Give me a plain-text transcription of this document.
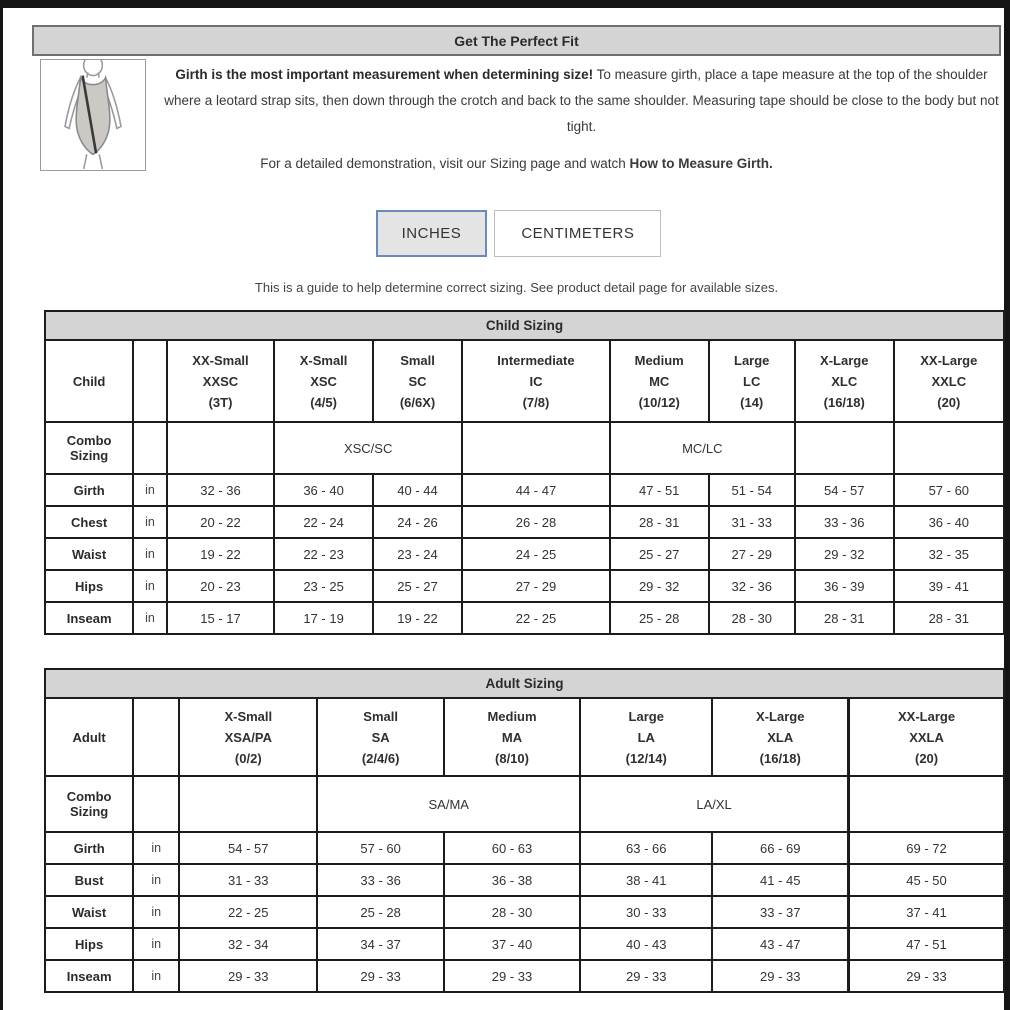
Get The Perfect Fit
Girth is the most important measurement when determining size! To measure girth, place a tape measure at the top of the shoulder where a leotard strap sits, then down through the crotch and back to the same shoulder. Measuring tape should be close to the body but not tight.
For a detailed demonstration, visit our Sizing page and watch How to Measure Girth.
INCHES	CENTIMETERS
This is a guide to help determine correct sizing. See product detail page for available sizes.
Child Sizing									
Child		
XX-Small
XXSC
(3T)

X-Small
XSC
(4/5)

Small
SC
(6/6X)

Intermediate
IC
(7/8)

Medium
MC
(10/12)

Large
LC
(14)

X-Large
XLC
(16/18)

XX-Large
XXLC
(20)

Combo Sizing			XSC/SC			MC/LC			
Girth	in	32 - 36	36 - 40	40 - 44	44 - 47	47 - 51	51 - 54	54 - 57	57 - 60
Chest	in	20 - 22	22 - 24	24 - 26	26 - 28	28 - 31	31 - 33	33 - 36	36 - 40
Waist	in	19 - 22	22 - 23	23 - 24	24 - 25	25 - 27	27 - 29	29 - 32	32 - 35
Hips	in	20 - 23	23 - 25	25 - 27	27 - 29	29 - 32	32 - 36	36 - 39	39 - 41
Inseam	in	15 - 17	17 - 19	19 - 22	22 - 25	25 - 28	28 - 30	28 - 31	28 - 31
Adult Sizing							
Adult		
X-Small
XSA/PA
(0/2)

Small
SA
(2/4/6)

Medium
MA
(8/10)

Large
LA
(12/14)

X-Large
XLA
(16/18)

XX-Large
XXLA
(20)

Combo Sizing			SA/MA		LA/XL		
Girth	in	54 - 57	57 - 60	60 - 63	63 - 66	66 - 69	69 - 72
Bust	in	31 - 33	33 - 36	36 - 38	38 - 41	41 - 45	45 - 50
Waist	in	22 - 25	25 - 28	28 - 30	30 - 33	33 - 37	37 - 41
Hips	in	32 - 34	34 - 37	37 - 40	40 - 43	43 - 47	47 - 51
Inseam	in	29 - 33	29 - 33	29 - 33	29 - 33	29 - 33	29 - 33
